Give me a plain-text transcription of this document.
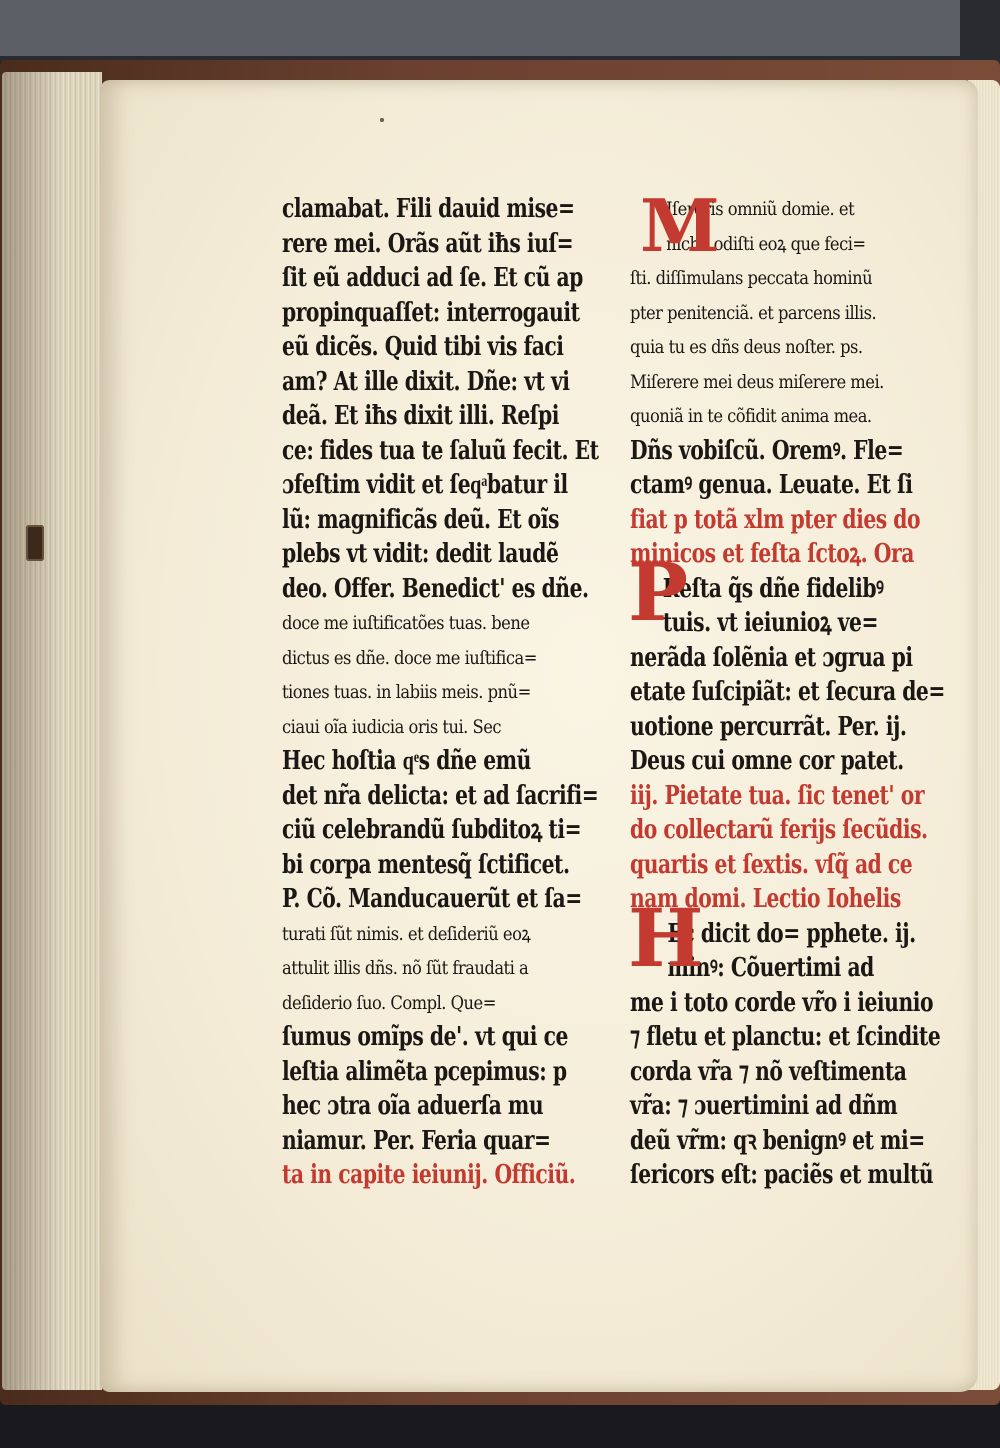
clamabat. Fili dauid mise=
rere mei. Orãs aũt iħs iuſ=
ſit eũ adduci ad ſe. Et cũ ap
propinquaſſet: interrogauit
eũ dicẽs. Quid tibi vis faci
am? At ille dixit. Dñe: vt vi
deã. Et iħs dixit illi. Reſpi
ce: fides tua te ſaluũ fecit. Et
ɔfeſtim vidit et ſeqͣbatur il
lũ: magnificãs deũ. Et oĩs
plebs vt vidit: dedit laudẽ
deo. Offer. Benedict' es dñe.
doce me iuſtificatões tuas. bene
dictus es dñe. doce me iuſtifica=
tiones tuas. in labiis meis. pnũ=
ciaui oĩa iudicia oris tui. Sec
Hec hoſtia qͤs dñe emũ
det nr̃a delicta: et ad ſacrifi=
ciũ celebrandũ ſubditoꝝ ti=
bi corpa mentesq̃ ſctificet.
P. Cõ. Manducauerũt et ſa=
turati ſũt nimis. et deſideriũ eoꝝ
attulit illis dñs. nõ ſũt fraudati a
deſiderio ſuo. Compl. Que=
ſumus omĩps de'. vt qui ce
leſtia alimẽta pcepimus: p
hec ɔtra oĩa aduerſa mu
niamur. Per. Feria quar=
ta in capite ieiunij. Officiũ.
Iſereris omniũ domie. et
nichil odiſti eoꝝ que feci=
ſti. diſſimulans peccata hominũ
pter penitenciã. et parcens illis.
quia tu es dñs deus noſter. ps.
Miſerere mei deus miſerere mei.
quoniã in te cõfidit anima mea.
Dñs vobiſcũ. Oremꝰ. Fle=
ctamꝰ genua. Leuate. Et ſi
fiat p totã xlm pter dies do
minicos et feſta ſctoꝝ. Ora
Reſta q̃s dñe fidelibꝰ
tuis. vt ieiunioꝝ ve=
nerãda ſolẽnia et ɔgrua pi
etate ſuſcipiãt: et ſecura de=
uotione percurrãt. Per. ij.
Deus cui omne cor patet.
iij. Pietate tua. ſic tenet' or
do collectarũ ferijs ſecũdis.
quartis et ſextis. vſq̃ ad ce
nam domi. Lectio Iohelis
Ec dicit do= pphete. ij.
minꝰ: Cõuertimi ad
me i toto corde vr̃o i ieiunio
⁊ fletu et planctu: et ſcindite
corda vr̃a ⁊ nõ veſtimenta
vr̃a: ⁊ ɔuertimini ad dñm
deũ vr̃m: qꝛ benignꝰ et mi=
ſericors eſt: paciẽs et multũ
M
P
H
